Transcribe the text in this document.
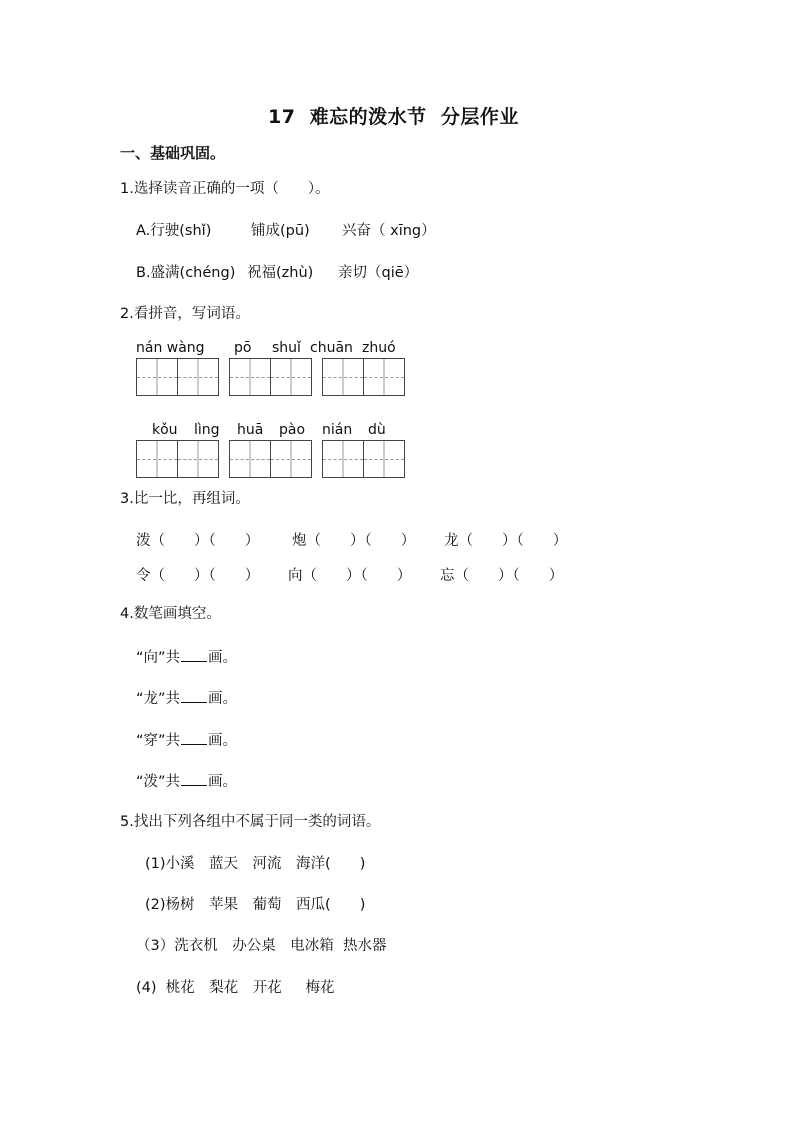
17  难忘的泼水节  分层作业
一、基础巩固。
1.选择读音正确的一项（　　）。
A.行驶(shǐ)	铺成(pū) 兴奋（ xīng）
B.盛满(chéng) 祝福(zhù) 亲切（qiē）
2.看拼音，写词语。
nán wàng pō shuǐ chuān zhuó
kǒu lìng huā pào nián dù
3.比一比，再组词。
泼（　　）（　　） 炮（　　）（　　） 龙（　　）（　　）
令（　　）（　　） 向（　　）（　　） 忘（　　）（　　）
4.数笔画填空。
“向”共 画。
“龙”共 画。
“穿”共 画。
“泼”共 画。
5.找出下列各组中不属于同一类的词语。
(1)小溪　蓝天　河流　海洋(　　)
(2)杨树　苹果　葡萄　西瓜(　　)
（3）洗衣机　办公桌　电冰箱  热水器
(4)  桃花　梨花　开花　  梅花
